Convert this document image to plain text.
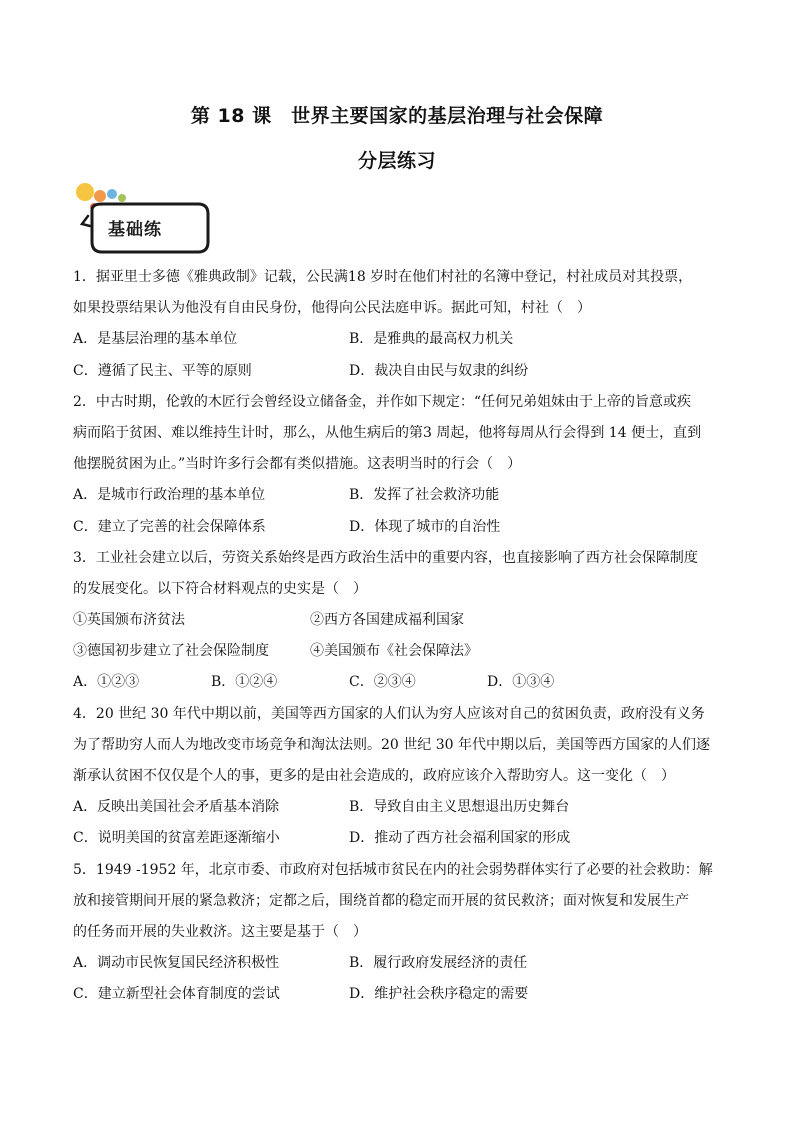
第 18 课　世界主要国家的基层治理与社会保障
分层练习
基础练
1．据亚里士多德《雅典政制》记载，公民满18 岁时在他们村社的名簿中登记，村社成员对其投票，
如果投票结果认为他没有自由民身份，他得向公民法庭申诉。据此可知，村社（　）
A．是基层治理的基本单位	B．是雅典的最高权力机关
C．遵循了民主、平等的原则	D．裁决自由民与奴隶的纠纷
2．中古时期，伦敦的木匠行会曾经设立储备金，并作如下规定：“任何兄弟姐妹由于上帝的旨意或疾
病而陷于贫困、难以维持生计时，那么，从他生病后的第3 周起，他将每周从行会得到 14 便士，直到
他摆脱贫困为止。”当时许多行会都有类似措施。这表明当时的行会（　）
A．是城市行政治理的基本单位	B．发挥了社会救济功能
C．建立了完善的社会保障体系	D．体现了城市的自治性
3．工业社会建立以后，劳资关系始终是西方政治生活中的重要内容，也直接影响了西方社会保障制度
的发展变化。以下符合材料观点的史实是（　）
①英国颁布济贫法	②西方各国建成福利国家
③德国初步建立了社会保险制度	④美国颁布《社会保障法》
A．①②③	B．①②④	C．②③④	D．①③④
4．20 世纪 30 年代中期以前，美国等西方国家的人们认为穷人应该对自己的贫困负责，政府没有义务
为了帮助穷人而人为地改变市场竞争和淘汰法则。20 世纪 30 年代中期以后，美国等西方国家的人们逐
渐承认贫困不仅仅是个人的事，更多的是由社会造成的，政府应该介入帮助穷人。这一变化（　）
A．反映出美国社会矛盾基本消除	B．导致自由主义思想退出历史舞台
C．说明美国的贫富差距逐渐缩小	D．推动了西方社会福利国家的形成
5．1949 -1952 年，北京市委、市政府对包括城市贫民在内的社会弱势群体实行了必要的社会救助：解
放和接管期间开展的紧急救济；定都之后，围绕首都的稳定而开展的贫民救济；面对恢复和发展生产
的任务而开展的失业救济。这主要是基于（　）
A．调动市民恢复国民经济积极性	B．履行政府发展经济的责任
C．建立新型社会体育制度的尝试	D．维护社会秩序稳定的需要
